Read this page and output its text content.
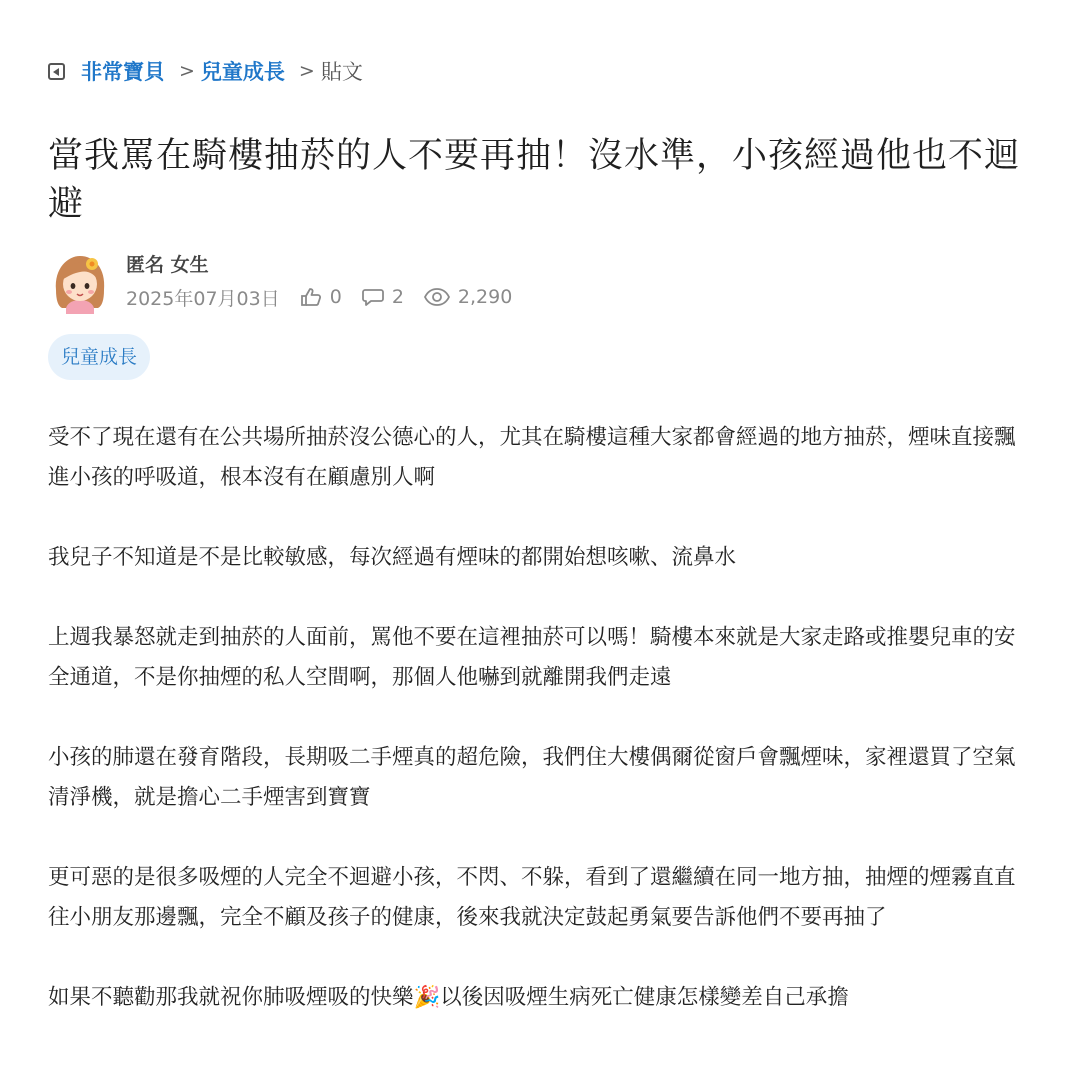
非常寶貝 > 兒童成長 > 貼文
當我罵在騎樓抽菸的人不要再抽！沒水準，小孩經過他也不迴避
匿名 女生
2025年07月03日	0	2	2,290
兒童成長

受不了現在還有在公共場所抽菸沒公德心的人，尤其在騎樓這種大家都會經過的地方抽菸，煙味直接飄進小孩的呼吸道，根本沒有在顧慮別人啊

我兒子不知道是不是比較敏感，每次經過有煙味的都開始想咳嗽、流鼻水

上週我暴怒就走到抽菸的人面前，罵他不要在這裡抽菸可以嗎！騎樓本來就是大家走路或推嬰兒車的安全通道，不是你抽煙的私人空間啊，那個人他嚇到就離開我們走遠

小孩的肺還在發育階段，長期吸二手煙真的超危險，我們住大樓偶爾從窗戶會飄煙味，家裡還買了空氣清淨機，就是擔心二手煙害到寶寶

更可惡的是很多吸煙的人完全不迴避小孩，不閃、不躲，看到了還繼續在同一地方抽，抽煙的煙霧直直往小朋友那邊飄，完全不顧及孩子的健康，後來我就決定鼓起勇氣要告訴他們不要再抽了

如果不聽勸那我就祝你肺吸煙吸的快樂🎉以後因吸煙生病死亡健康怎樣變差自己承擔
